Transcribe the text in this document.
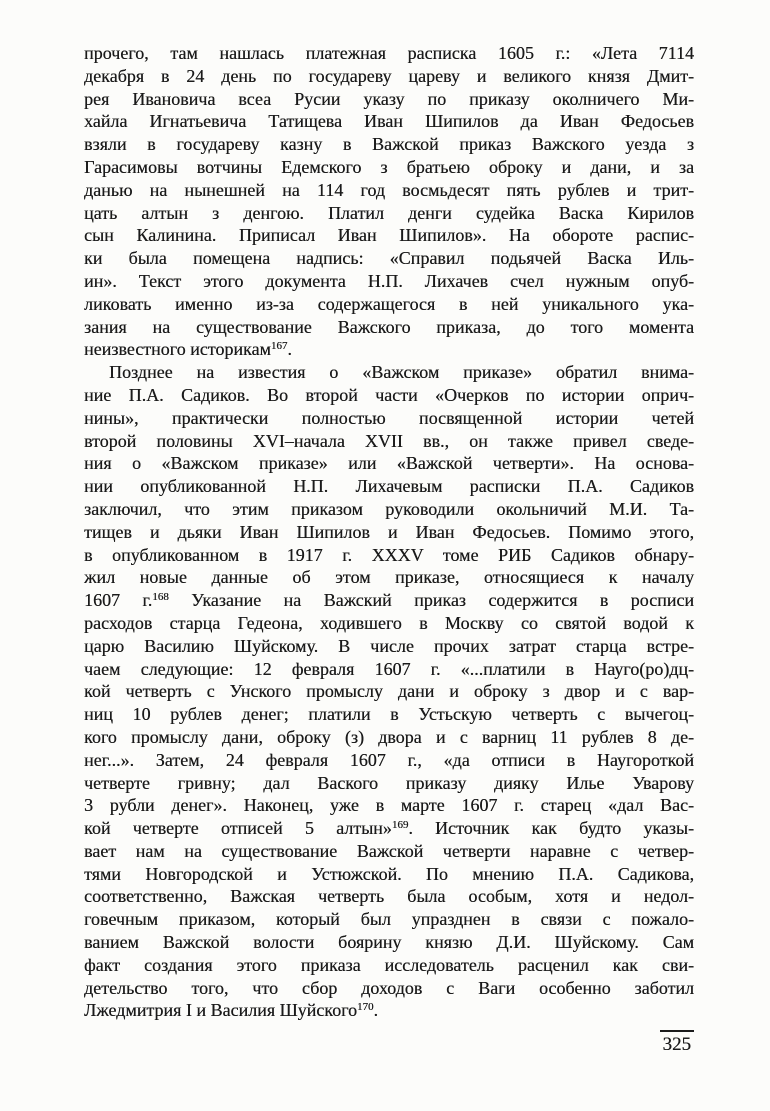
прочего, там нашлась платежная расписка 1605 г.: «Лета 7114
декабря в 24 день по государеву цареву и великого князя Дмит-
рея Ивановича всеа Русии указу по приказу околничего Ми-
хайла Игнатьевича Татищева Иван Шипилов да Иван Федосьев
взяли в государеву казну в Важской приказ Важского уезда з
Гарасимовы вотчины Едемского з братьею оброку и дани, и за
данью на нынешней на 114 год восмьдесят пять рублев и трит-
цать алтын з денгою. Платил денги судейка Васка Кирилов
сын Калинина. Приписал Иван Шипилов». На обороте распис-
ки была помещена надпись: «Справил подьячей Васка Иль-
ин». Текст этого документа Н.П. Лихачев счел нужным опуб-
ликовать именно из-за содержащегося в ней уникального ука-
зания на существование Важского приказа, до того момента
неизвестного историкам$^{167}$.
Позднее на известия о «Важском приказе» обратил внима-
ние П.А. Садиков. Во второй части «Очерков по истории оприч-
нины», практически полностью посвященной истории четей
второй половины XVI–начала XVII вв., он также привел сведе-
ния о «Важском приказе» или «Важской четверти». На основа-
нии опубликованной Н.П. Лихачевым расписки П.А. Садиков
заключил, что этим приказом руководили окольничий М.И. Та-
тищев и дьяки Иван Шипилов и Иван Федосьев. Помимо этого,
в опубликованном в 1917 г. XXXV томе РИБ Садиков обнару-
жил новые данные об этом приказе, относящиеся к началу
1607 г.$^{168}$ Указание на Важский приказ содержится в росписи
расходов старца Гедеона, ходившего в Москву со святой водой к
царю Василию Шуйскому. В числе прочих затрат старца встре-
чаем следующие: 12 февраля 1607 г. «...платили в Науго(ро)дц-
кой четверть с Унского промыслу дани и оброку з двор и с вар-
ниц 10 рублев денег; платили в Устьскую четверть с вычегоц-
кого промыслу дани, оброку (з) двора и с варниц 11 рублев 8 де-
нег...». Затем, 24 февраля 1607 г., «да отписи в Наугороткой
четверте гривну; дал Ваского приказу дияку Илье Уварову
3 рубли денег». Наконец, уже в марте 1607 г. старец «дал Вас-
кой четверте отписей 5 алтын»$^{169}$. Источник как будто указы-
вает нам на существование Важской четверти наравне с четвер-
тями Новгородской и Устюжской. По мнению П.А. Садикова,
соответственно, Важская четверть была особым, хотя и недол-
говечным приказом, который был упразднен в связи с пожало-
ванием Важской волости боярину князю Д.И. Шуйскому. Сам
факт создания этого приказа исследователь расценил как сви-
детельство того, что сбор доходов с Ваги особенно заботил
Лжедмитрия I и Василия Шуйского$^{170}$.
325
